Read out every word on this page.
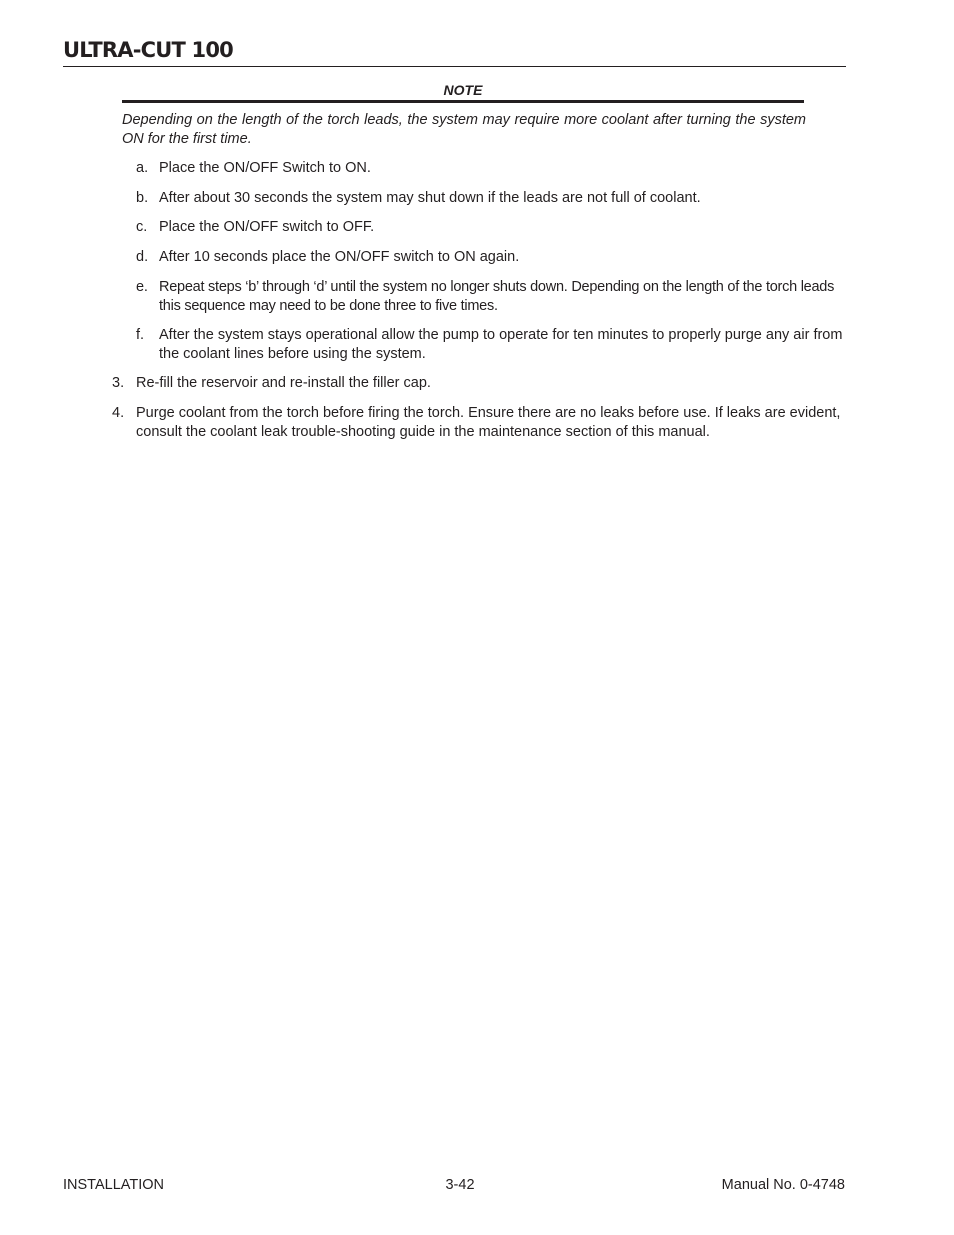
ULTRA-CUT 100
NOTE
Depending on the length of the torch leads, the system may require more coolant after turning the system ON for the first time.
a. Place the ON/OFF Switch to ON.
b. After about 30 seconds the system may shut down if the leads are not full of coolant.
c. Place the ON/OFF switch to OFF.
d. After 10 seconds place the ON/OFF switch to ON again.
e. Repeat steps ‘b’ through ‘d’ until the system no longer shuts down. Depending on the length of the torch leads this sequence may need to be done three to five times.
f. After the system stays operational allow the pump to operate for ten minutes to properly purge any air from the coolant lines before using the system.
3. Re-fill the reservoir and re-install the filler cap.
4. Purge coolant from the torch before firing the torch. Ensure there are no leaks before use. If leaks are evident, consult the coolant leak trouble-shooting guide in the maintenance section of this manual.
INSTALLATION	3-42	Manual No. 0-4748
